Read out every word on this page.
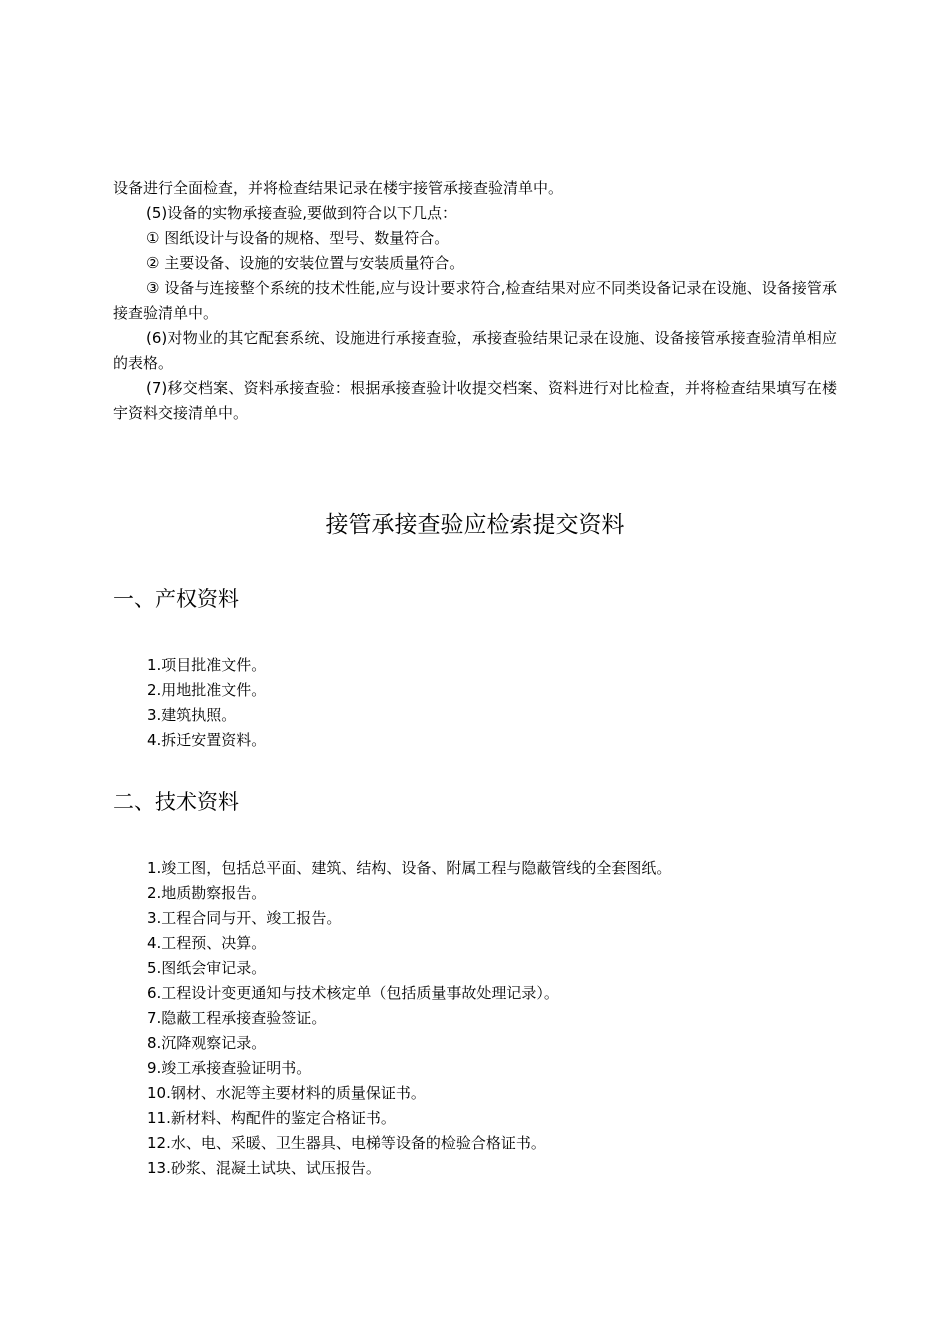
设备进行全面检查，并将检查结果记录在楼宇接管承接查验清单中。

(5)设备的实物承接查验,要做到符合以下几点：

① 图纸设计与设备的规格、型号、数量符合。

② 主要设备、设施的安装位置与安装质量符合。

③ 设备与连接整个系统的技术性能,应与设计要求符合,检查结果对应不同类设备记录在设施、设备接管承接查验清单中。

(6)对物业的其它配套系统、设施进行承接查验，承接查验结果记录在设施、设备接管承接查验清单相应的表格。

(7)移交档案、资料承接查验：根据承接查验计收提交档案、资料进行对比检查，并将检查结果填写在楼宇资料交接清单中。

接管承接查验应检索提交资料
一、产权资料
1.项目批准文件。
2.用地批准文件。
3.建筑执照。
4.拆迁安置资料。
二、技术资料
1.竣工图，包括总平面、建筑、结构、设备、附属工程与隐蔽管线的全套图纸。
2.地质勘察报告。
3.工程合同与开、竣工报告。
4.工程预、决算。
5.图纸会审记录。
6.工程设计变更通知与技术核定单（包括质量事故处理记录）。
7.隐蔽工程承接查验签证。
8.沉降观察记录。
9.竣工承接查验证明书。
10.钢材、水泥等主要材料的质量保证书。
11.新材料、构配件的鉴定合格证书。
12.水、电、采暖、卫生器具、电梯等设备的检验合格证书。
13.砂浆、混凝土试块、试压报告。
